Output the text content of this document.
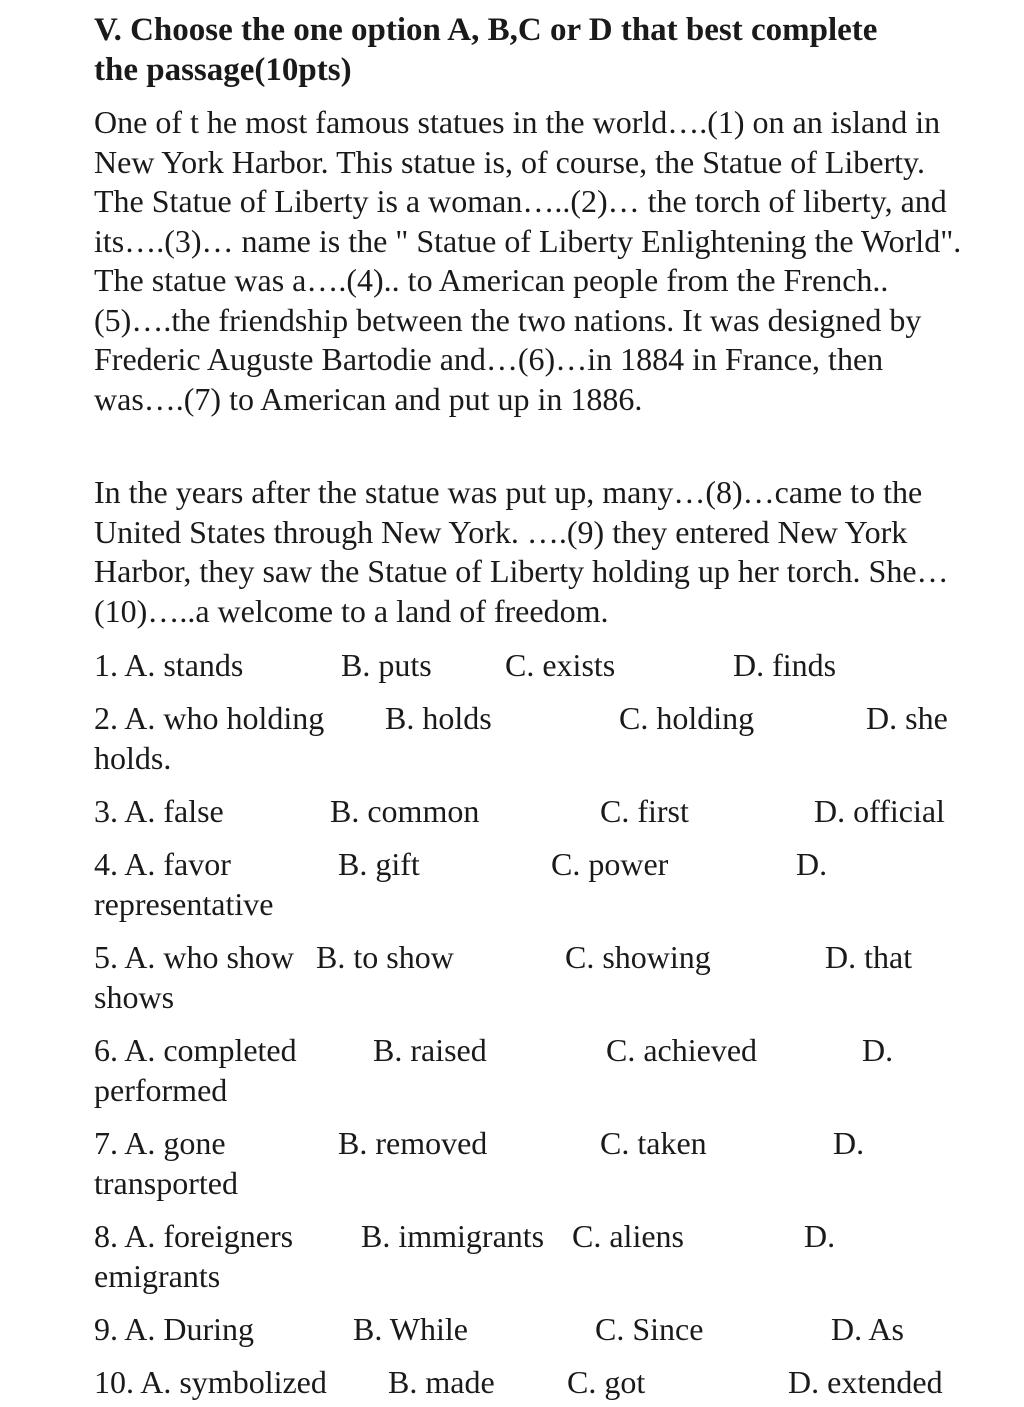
V. Choose the one option A, B,C or D that best complete
the passage(10pts)

One of t he most famous statues in the world….(1) on an island in New York Harbor. This statue is, of course, the Statue of Liberty. The Statue of Liberty is a woman…..(2)… the torch of liberty, and its….(3)… name is the " Statue of Liberty Enlightening the World". The statue was a….(4).. to American people from the French..(5)….the friendship between the two nations. It was designed by Frederic Auguste Bartodie and…(6)…in 1884 in France, then was….(7) to American and put up in 1886.

In the years after the statue was put up, many…(8)…came to the United States through New York. ….(9) they entered New York Harbor, they saw the Statue of Liberty holding up her torch. She…(10)…..a welcome to a land of freedom.

1. A. stands	B. puts C. exists	D. finds
2. A. who holding B. holds	C. holding	D. she
holds.
3. A. false	B. common	C. first	D. official
4. A. favor	B. gift	C. power	D.
representative
5. A. who show B. to show	C. showing	D. that
shows
6. A. completed B. raised	C. achieved	D.
performed
7. A. gone	B. removed	C. taken	D.
transported
8. A. foreigners B. immigrants C. aliens	D.
emigrants
9. A. During	B. While	C. Since	D. As
10. A. symbolized B. made C. got	D. extended
